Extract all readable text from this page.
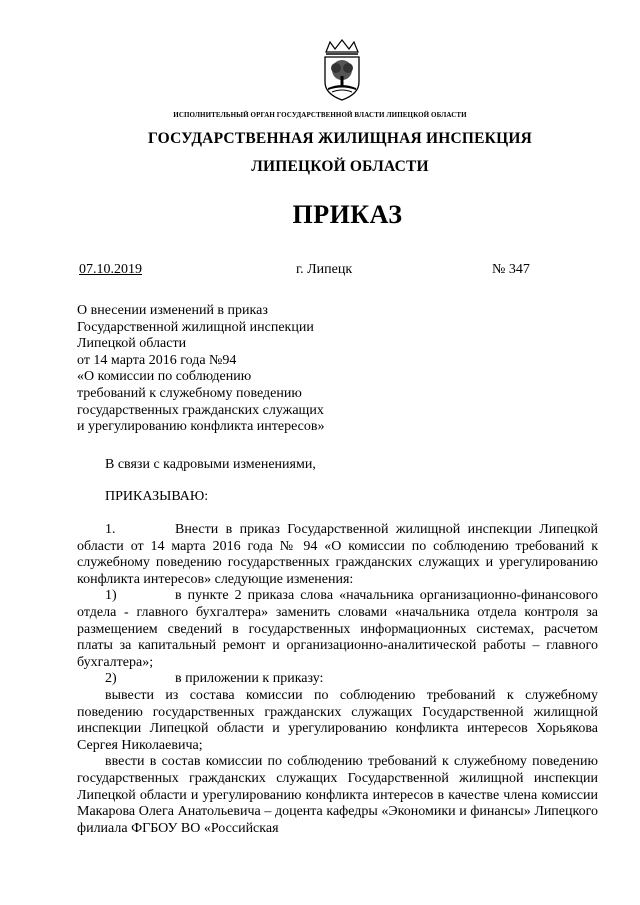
ИСПОЛНИТЕЛЬНЫЙ ОРГАН ГОСУДАРСТВЕННОЙ ВЛАСТИ ЛИПЕЦКОЙ ОБЛАСТИ
ГОСУДАРСТВЕННАЯ ЖИЛИЩНАЯ ИНСПЕКЦИЯ
ЛИПЕЦКОЙ ОБЛАСТИ
ПРИКАЗ
07.10.2019	г. Липецк	№ 347
О внесении изменений в приказ
Государственной жилищной инспекции
Липецкой области
от 14 марта 2016 года №94
«О комиссии по соблюдению
требований к служебному поведению
государственных гражданских служащих
и урегулированию конфликта интересов»

В связи с кадровыми изменениями,

ПРИКАЗЫВАЮ:

1.	Внести в приказ Государственной жилищной инспекции Липецкой области от 14 марта 2016 года № 94 «О комиссии по соблюдению требований к служебному поведению государственных гражданских служащих и урегулированию конфликта интересов» следующие изменения:

1)	в пункте 2 приказа слова «начальника организационно-финансового отдела - главного бухгалтера» заменить словами «начальника отдела контроля за размещением сведений в государственных информационных системах, расчетом платы за капитальный ремонт и организационно-аналитической работы – главного бухгалтера»;

2)	в приложении к приказу:

вывести из состава комиссии по соблюдению требований к служебному поведению государственных гражданских служащих Государственной жилищной инспекции Липецкой области и урегулированию конфликта интересов Хорьякова Сергея Николаевича;

ввести в состав комиссии по соблюдению требований к служебному поведению государственных гражданских служащих Государственной жилищной инспекции Липецкой области и урегулированию конфликта интересов в качестве члена комиссии Макарова Олега Анатольевича – доцента кафедры «Экономики и финансы» Липецкого филиала ФГБОУ ВО «Российская
